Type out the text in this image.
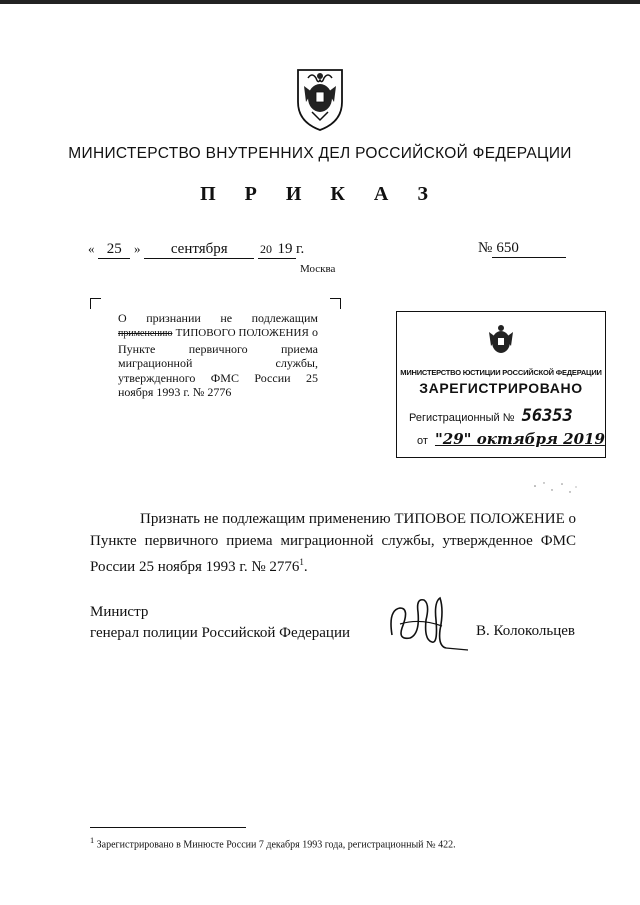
МИНИСТЕРСТВО ВНУТРЕННИХ ДЕЛ РОССИЙСКОЙ ФЕДЕРАЦИИ
П Р И К А З
« 25 » сентября	20 19 г.	№ 650
Москва
О признании не подлежащим применению ТИПОВОГО ПОЛОЖЕНИЯ о Пункте первичного приема миграционной службы, утвержденного ФМС России 25 ноября 1993 г. № 2776
МИНИСТЕРСТВО ЮСТИЦИИ РОССИЙСКОЙ ФЕДЕРАЦИИ
ЗАРЕГИСТРИРОВАНО
Регистрационный № 56353
от "29" октября 2019
Признать не подлежащим применению ТИПОВОЕ ПОЛОЖЕНИЕ о Пункте первичного приема миграционной службы, утвержденное ФМС России 25 ноября 1993 г. № 2776$^1$.
Министр
генерал полиции Российской Федерации	В. Колокольцев
$^1$ Зарегистрировано в Минюсте России 7 декабря 1993 года, регистрационный № 422.
